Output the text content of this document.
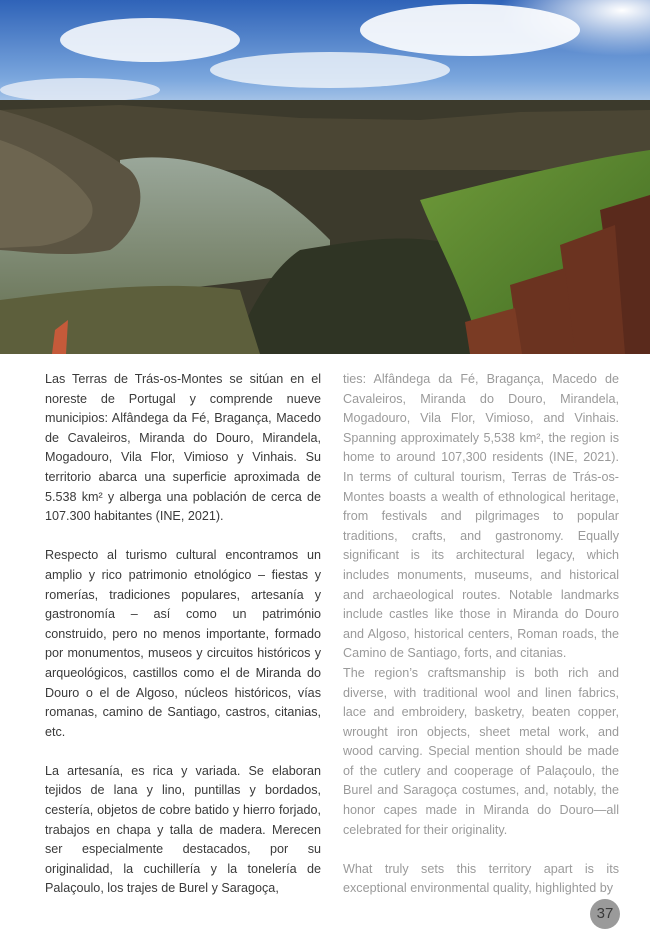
Las Terras de Trás-os-Montes se sitúan en el noreste de Portugal y comprende nueve municipios: Alfândega da Fé, Bragança, Macedo de Cavaleiros, Miranda do Douro, Mirandela, Mogadouro, Vila Flor, Vimioso y Vinhais. Su territorio abarca una superficie aproximada de 5.538 km² y alberga una población de cerca de 107.300 habitantes (INE, 2021).

Respecto al turismo cultural encontramos un amplio y rico patrimonio etnológico – fiestas y romerías, tradiciones populares, artesanía y gastronomía – así como un património construido, pero no menos importante, formado por monumentos, museos y circuitos históricos y arqueológicos, castillos como el de Miranda do Douro o el de Algoso, núcleos históricos, vías romanas, camino de Santiago, castros, citanias, etc.

La artesanía, es rica y variada. Se elaboran tejidos de lana y lino, puntillas y bordados, cestería, objetos de cobre batido y hierro forjado, trabajos en chapa y talla de madera. Merecen ser especialmente destacados, por su originalidad, la cuchillería y la tonelería de Palaçoulo, los trajes de Burel y Saragoça,

ties: Alfândega da Fé, Bragança, Macedo de Cavaleiros, Miranda do Douro, Mirandela, Mogadouro, Vila Flor, Vimioso, and Vinhais. Spanning approximately 5,538 km², the region is home to around 107,300 residents (INE, 2021). In terms of cultural tourism, Terras de Trás-os-Montes boasts a wealth of ethnological heritage, from festivals and pilgrimages to popular traditions, crafts, and gastronomy. Equally significant is its architectural legacy, which includes monuments, museums, and historical and archaeological routes. Notable landmarks include castles like those in Miranda do Douro and Algoso, historical centers, Roman roads, the Camino de Santiago, forts, and citanias.

The region’s craftsmanship is both rich and diverse, with traditional wool and linen fabrics, lace and embroidery, basketry, beaten copper, wrought iron objects, sheet metal work, and wood carving. Special mention should be made of the cutlery and cooperage of Palaçoulo, the Burel and Saragoça costumes, and, notably, the honor capes made in Miranda do Douro—all celebrated for their originality.

What truly sets this territory apart is its exceptional environmental quality, highlighted by

37
